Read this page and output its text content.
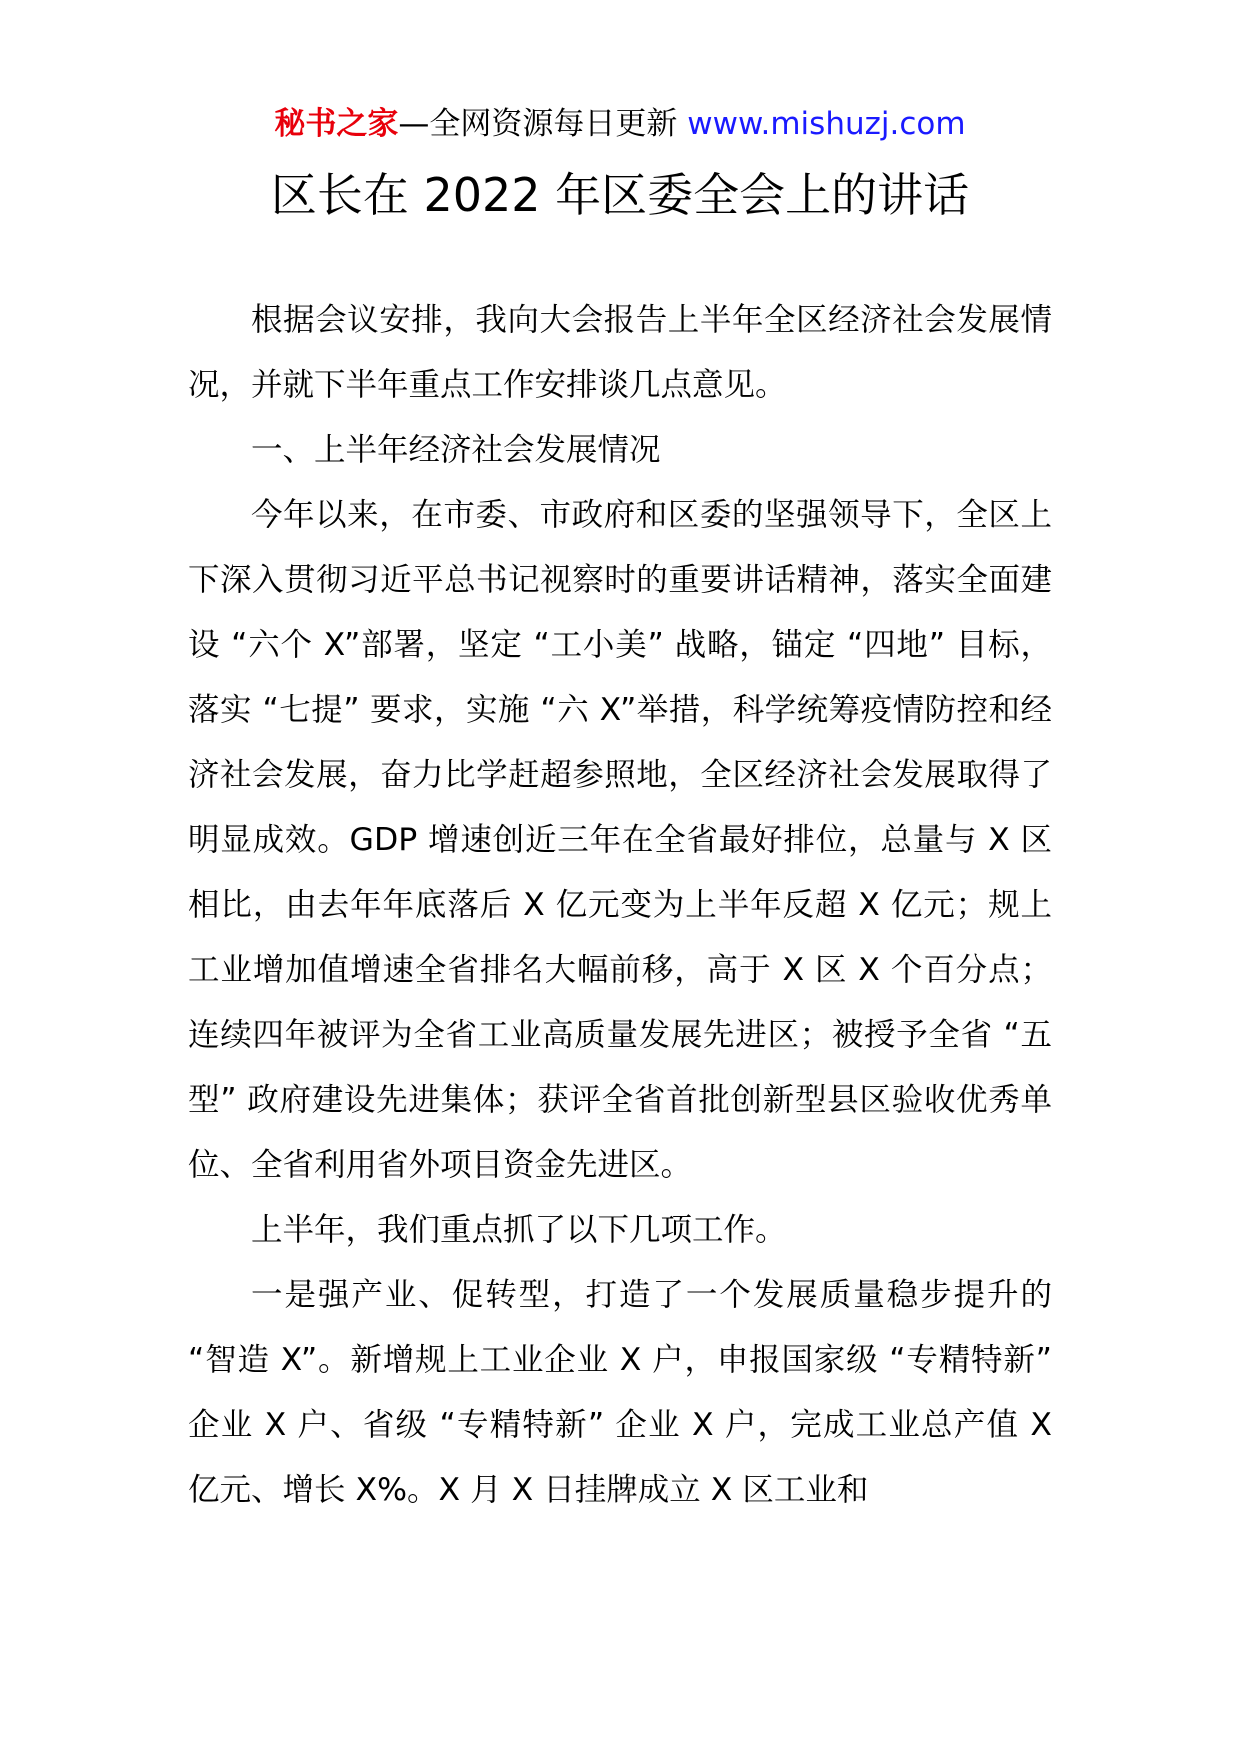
秘书之家—全网资源每日更新 www.mishuzj.com
区长在 2022 年区委全会上的讲话

根据会议安排，我向大会报告上半年全区经济社会发展情况，并就下半年重点工作安排谈几点意见。

一、上半年经济社会发展情况

今年以来，在市委、市政府和区委的坚强领导下，全区上下深入贯彻习近平总书记视察时的重要讲话精神，落实全面建设 “六个 X”部署，坚定 “工小美” 战略，锚定 “四地” 目标，落实 “七提” 要求，实施 “六 X”举措，科学统筹疫情防控和经济社会发展，奋力比学赶超参照地，全区经济社会发展取得了明显成效。GDP 增速创近三年在全省最好排位，总量与 X 区相比，由去年年底落后 X 亿元变为上半年反超 X 亿元；规上工业增加值增速全省排名大幅前移，高于 X 区 X 个百分点；连续四年被评为全省工业高质量发展先进区；被授予全省 “五型” 政府建设先进集体；获评全省首批创新型县区验收优秀单位、全省利用省外项目资金先进区。

上半年，我们重点抓了以下几项工作。

一是强产业、促转型，打造了一个发展质量稳步提升的 “智造 X”。新增规上工业企业 X 户，申报国家级 “专精特新” 企业 X 户、省级 “专精特新” 企业 X 户，完成工业总产值 X 亿元、增长 X%。X 月 X 日挂牌成立 X 区工业和
